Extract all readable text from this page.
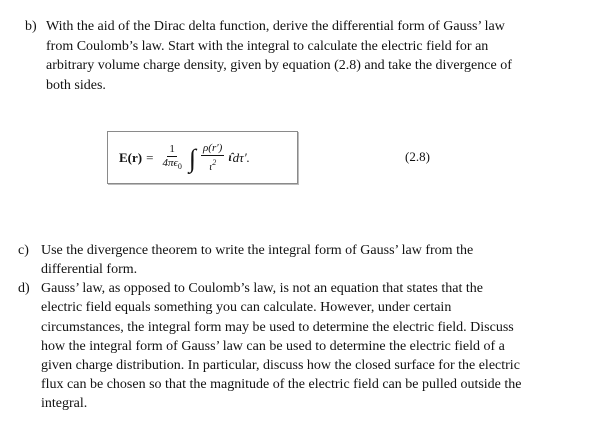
b) With the aid of the Dirac delta function, derive the differential form of Gauss’ law
from Coulomb’s law. Start with the integral to calculate the electric field for an
arbitrary volume charge density, given by equation (2.8) and take the divergence of
both sides.
$E(r) = \frac{1}{4\pi\epsilon_0}$ ∫ $\frac{\rho(r')}{\iota^2}$ ι̂ dτ′.	(2.8)
c) Use the divergence theorem to write the integral form of Gauss’ law from the
differential form.
d) Gauss’ law, as opposed to Coulomb’s law, is not an equation that states that the
electric field equals something you can calculate. However, under certain
circumstances, the integral form may be used to determine the electric field. Discuss
how the integral form of Gauss’ law can be used to determine the electric field of a
given charge distribution. In particular, discuss how the closed surface for the electric
flux can be chosen so that the magnitude of the electric field can be pulled outside the
integral.
